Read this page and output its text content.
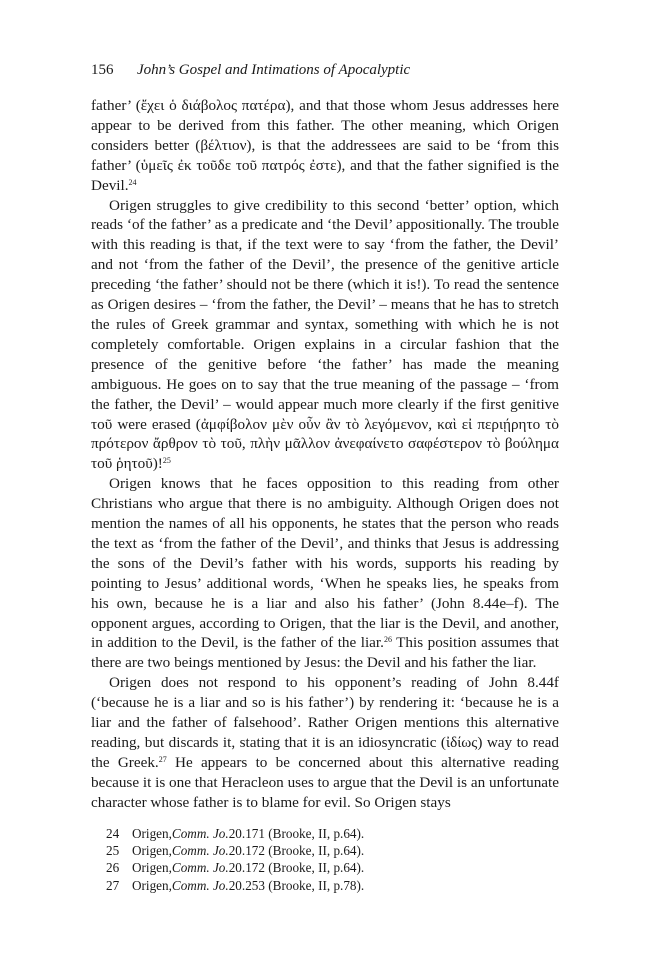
156 John’s Gospel and Intimations of Apocalyptic

father’ (ἔχει ὁ διάβολος πατέρα), and that those whom Jesus addresses here appear to be derived from this father. The other meaning, which Origen considers better (βέλτιον), is that the addressees are said to be ‘from this father’ (ὑμεῖς ἐκ τοῦδε τοῦ πατρός ἐστε), and that the father signified is the Devil.$^{24}$

Origen struggles to give credibility to this second ‘better’ option, which reads ‘of the father’ as a predicate and ‘the Devil’ appositionally. The trouble with this reading is that, if the text were to say ‘from the father, the Devil’ and not ‘from the father of the Devil’, the presence of the genitive article preceding ‘the father’ should not be there (which it is!). To read the sentence as Origen desires – ‘from the father, the Devil’ – means that he has to stretch the rules of Greek grammar and syntax, something with which he is not completely comfortable. Origen explains in a circular fashion that the presence of the genitive before ‘the father’ has made the meaning ambiguous. He goes on to say that the true meaning of the passage – ‘from the father, the Devil’ – would appear much more clearly if the first genitive τοῦ were erased (ἀμφίβολον μὲν οὖν ἂν τὸ λεγόμενον, καὶ εἰ περιῄρητο τὸ πρότερον ἄρθρον τὸ τοῦ, πλὴν μᾶλλον ἀνεφαίνετο σαφέστερον τὸ βούλημα τοῦ ῥητοῦ)!$^{25}$

Origen knows that he faces opposition to this reading from other Christians who argue that there is no ambiguity. Although Origen does not mention the names of all his opponents, he states that the person who reads the text as ‘from the father of the Devil’, and thinks that Jesus is addressing the sons of the Devil’s father with his words, supports his reading by pointing to Jesus’ additional words, ‘When he speaks lies, he speaks from his own, because he is a liar and also his father’ (John 8.44e–f). The opponent argues, according to Origen, that the liar is the Devil, and another, in addition to the Devil, is the father of the liar.$^{26}$ This position assumes that there are two beings mentioned by Jesus: the Devil and his father the liar.

Origen does not respond to his opponent’s reading of John 8.44f (‘because he is a liar and so is his father’) by rendering it: ‘because he is a liar and the father of falsehood’. Rather Origen mentions this alternative reading, but discards it, stating that it is an idiosyncratic (ἰδίως) way to read the Greek.$^{27}$ He appears to be concerned about this alternative reading because it is one that Heracleon uses to argue that the Devil is an unfortunate character whose father is to blame for evil. So Origen stays

24 Origen, Comm. Jo. 20.171 (Brooke, II, p.64).
25 Origen, Comm. Jo. 20.172 (Brooke, II, p.64).
26 Origen, Comm. Jo. 20.172 (Brooke, II, p.64).
27 Origen, Comm. Jo. 20.253 (Brooke, II, p.78).
